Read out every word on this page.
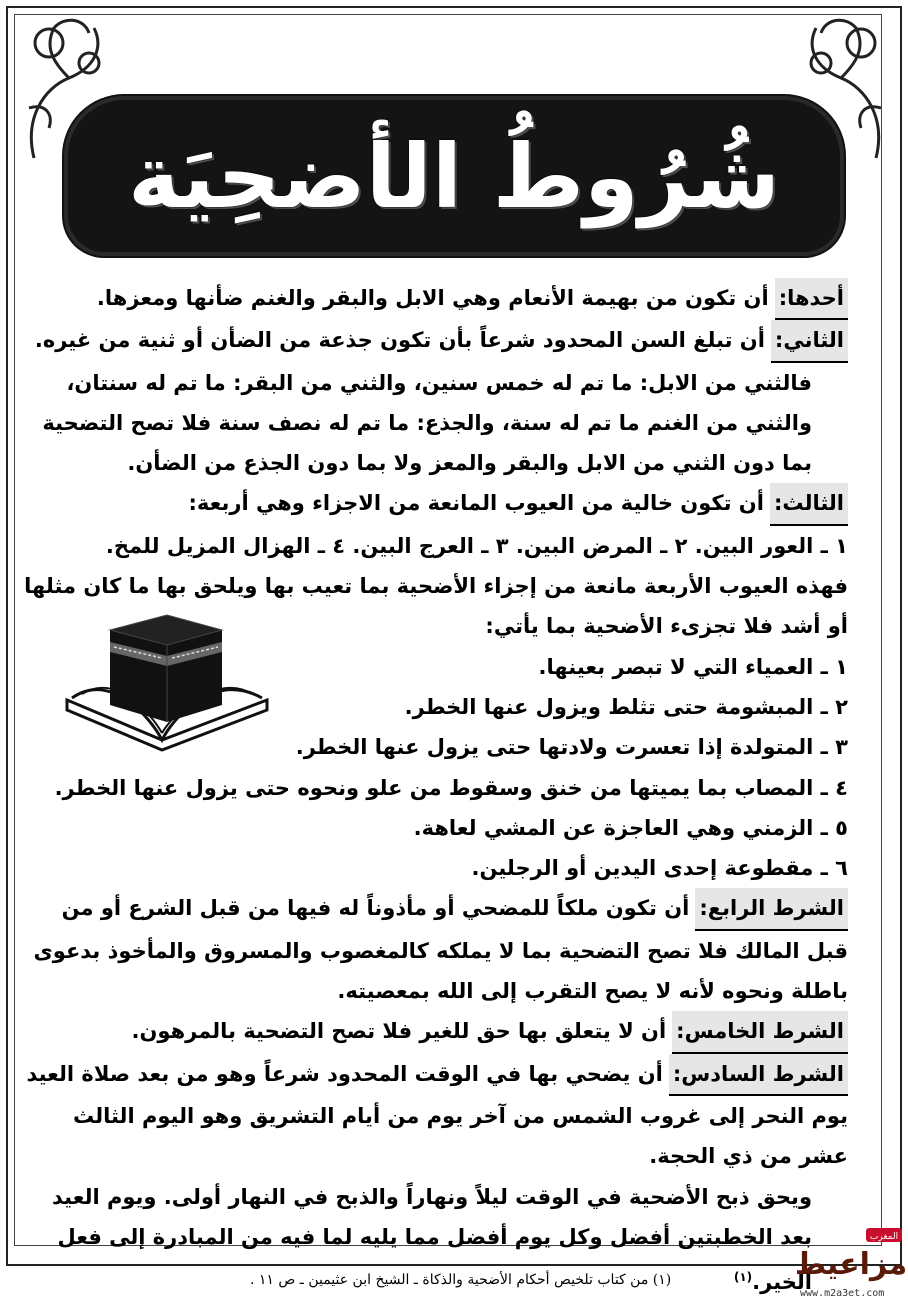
شُرُوطُ الأضحِيَة

أحدها:أن تكون من بهيمة الأنعام وهي الابل والبقر والغنم ضأنها ومعزها.

الثاني:أن تبلغ السن المحدود شرعاً بأن تكون جذعة من الضأن أو ثنية من غيره.

فالثني من الابل: ما تم له خمس سنين، والثني من البقر: ما تم له سنتان، والثني من الغنم ما تم له سنة، والجذع: ما تم له نصف سنة فلا تصح التضحية بما دون الثني من الابل والبقر والمعز ولا بما دون الجذع من الضأن.

الثالث:أن تكون خالية من العيوب المانعة من الاجزاء وهي أربعة:

١ ـ العور البين. ٢ ـ المرض البين. ٣ ـ العرج البين. ٤ ـ الهزال المزيل للمخ.

فهذه العيوب الأربعة مانعة من إجزاء الأضحية بما تعيب بها ويلحق بها ما كان مثلها أو أشد فلا تجزىء الأضحية بما يأتي:

١ ـ العمياء التي لا تبصر بعينها.

٢ ـ المبشومة حتى تثلط ويزول عنها الخطر.

٣ ـ المتولدة إذا تعسرت ولادتها حتى يزول عنها الخطر.

٤ ـ المصاب بما يميتها من خنق وسقوط من علو ونحوه حتى يزول عنها الخطر.

٥ ـ الزمني وهي العاجزة عن المشي لعاهة.

٦ ـ مقطوعة إحدى اليدين أو الرجلين.

الشرط الرابع:أن تكون ملكاً للمضحي أو مأذوناً له فيها من قبل الشرع أو من قبل المالك فلا تصح التضحية بما لا يملكه كالمغصوب والمسروق والمأخوذ بدعوى باطلة ونحوه لأنه لا يصح التقرب إلى الله بمعصيته.

الشرط الخامس:أن لا يتعلق بها حق للغير فلا تصح التضحية بالمرهون.

الشرط السادس:أن يضحي بها في الوقت المحدود شرعاً وهو من بعد صلاة العيد يوم النحر إلى غروب الشمس من آخر يوم من أيام التشريق وهو اليوم الثالث عشر من ذي الحجة.

ويحق ذبح الأضحية في الوقت ليلاً ونهاراً والذبح في النهار أولى. ويوم العيد بعد الخطبتين أفضل وكل يوم أفضل مما يليه لما فيه من المبادرة إلى فعل الخير.$^{(١)}$

(١) من كتاب تلخيص أحكام الأضحية والذكاة ـ الشيخ ابن عثيمين ـ ص ١١ .
المغرب
مزاعيط
www.m2a3et.com
